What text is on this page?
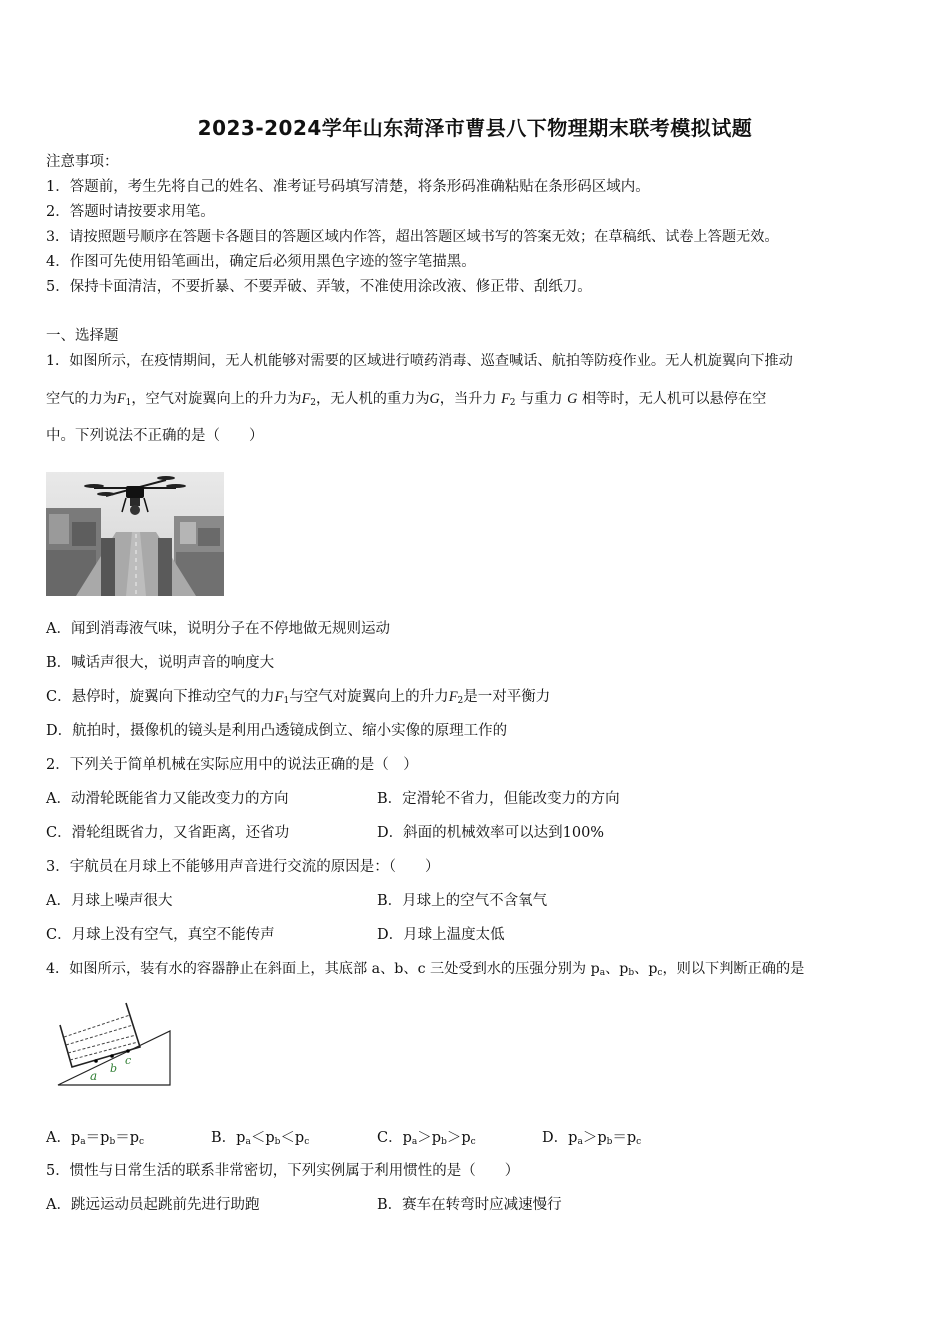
2023-2024学年山东菏泽市曹县八下物理期末联考模拟试题
注意事项：
1．答题前，考生先将自己的姓名、准考证号码填写清楚，将条形码准确粘贴在条形码区域内。
2．答题时请按要求用笔。
3．请按照题号顺序在答题卡各题目的答题区域内作答，超出答题区域书写的答案无效；在草稿纸、试卷上答题无效。
4．作图可先使用铅笔画出，确定后必须用黑色字迹的签字笔描黑。
5．保持卡面清洁，不要折暴、不要弄破、弄皱，不准使用涂改液、修正带、刮纸刀。
一、选择题
1．如图所示，在疫情期间，无人机能够对需要的区域进行喷药消毒、巡查喊话、航拍等防疫作业。无人机旋翼向下推动
空气的力为$F_1$，空气对旋翼向上的升力为$F_2$，无人机的重力为G，当升力 $F_2$ 与重力 G 相等时，无人机可以悬停在空
中。下列说法不正确的是（　　）
A．闻到消毒液气味，说明分子在不停地做无规则运动
B．喊话声很大，说明声音的响度大
C．悬停时，旋翼向下推动空气的力$F_1$与空气对旋翼向上的升力$F_2$是一对平衡力
D．航拍时，摄像机的镜头是利用凸透镜成倒立、缩小实像的原理工作的
2．下列关于简单机械在实际应用中的说法正确的是（　）
A．动滑轮既能省力又能改变力的方向	B．定滑轮不省力，但能改变力的方向
C．滑轮组既省力，又省距离，还省功	D．斜面的机械效率可以达到100%
3．宇航员在月球上不能够用声音进行交流的原因是：（　　）
A．月球上噪声很大	B．月球上的空气不含氧气
C．月球上没有空气，真空不能传声	D．月球上温度太低
4．如图所示，装有水的容器静止在斜面上，其底部 a、b、c 三处受到水的压强分别为 $p_a$、$p_b$、$p_c$，则以下判断正确的是
a
b
c
A．$p_a=p_b=p_c$	B．$p_a<p_b<p_c$	C．$p_a>p_b>p_c$	D．$p_a>p_b=p_c$
5．惯性与日常生活的联系非常密切，下列实例属于利用惯性的是（　　）
A．跳远运动员起跳前先进行助跑	B．赛车在转弯时应减速慢行
